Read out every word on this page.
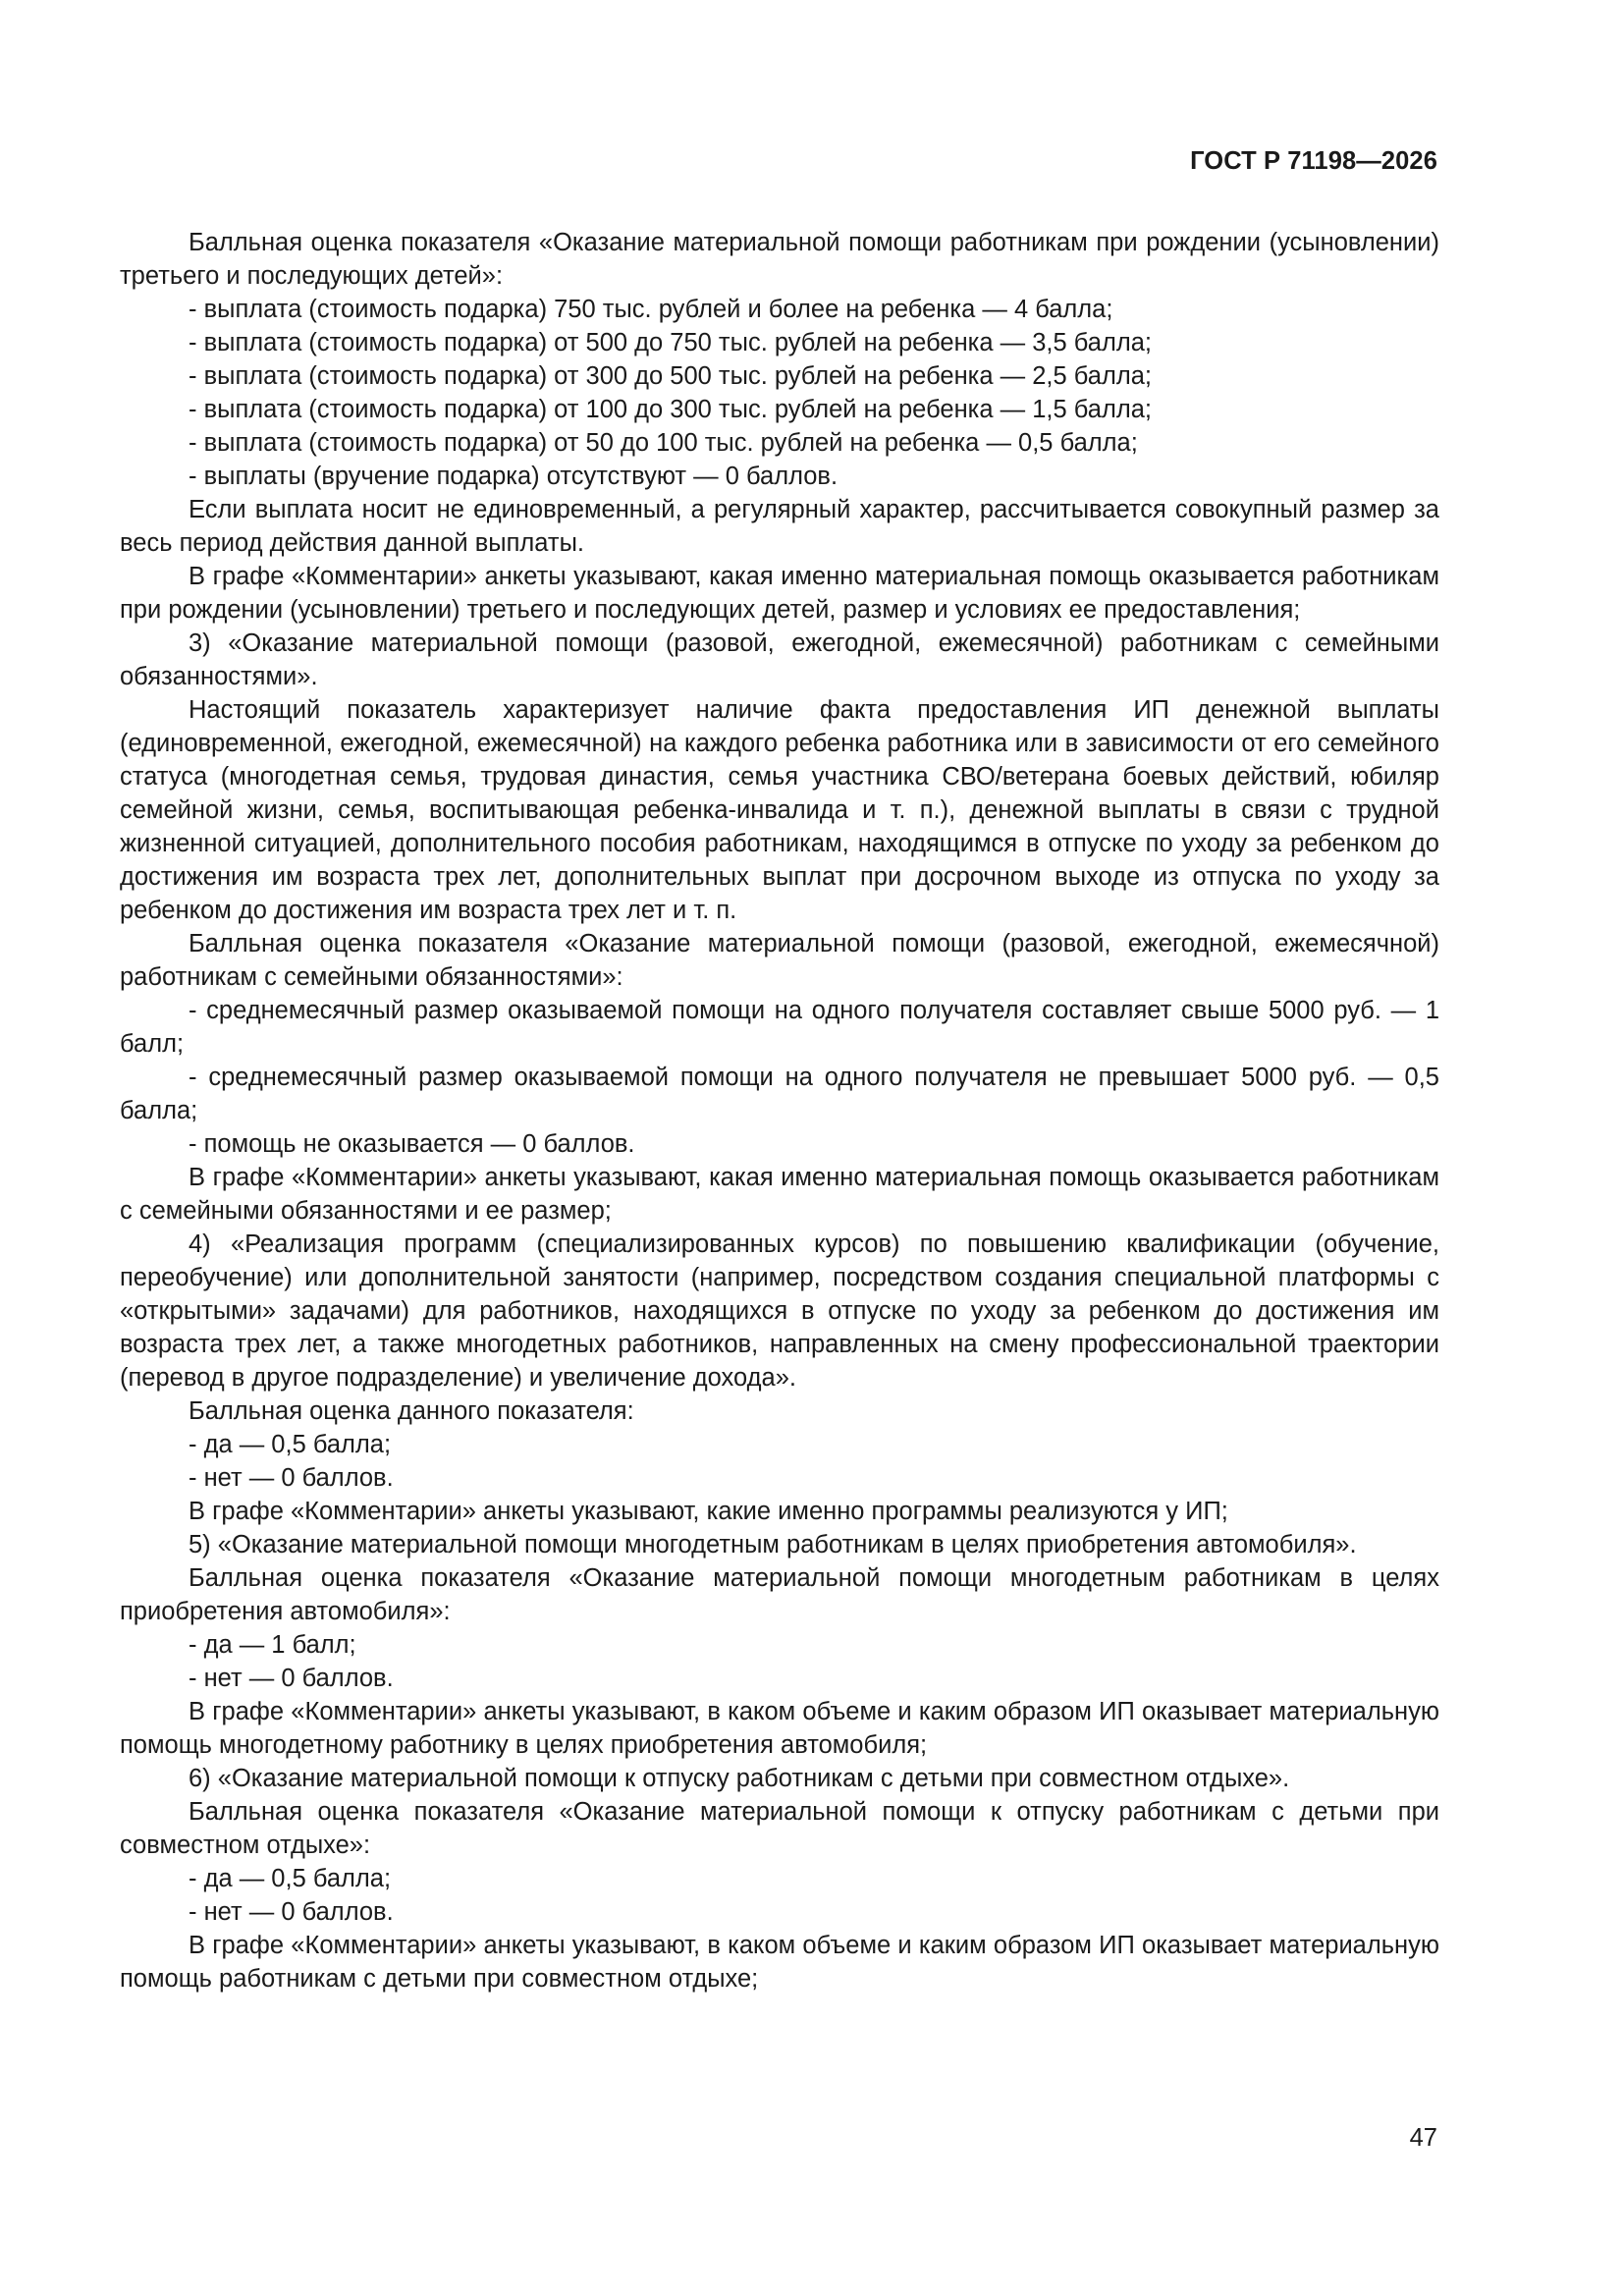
ГОСТ Р 71198—2026

Балльная оценка показателя «Оказание материальной помощи работникам при рождении (усыновлении) третьего и последующих детей»:

- выплата (стоимость подарка) 750 тыс. рублей и более на ребенка — 4 балла;

- выплата (стоимость подарка) от 500 до 750 тыс. рублей на ребенка — 3,5 балла;

- выплата (стоимость подарка) от 300 до 500 тыс. рублей на ребенка — 2,5 балла;

- выплата (стоимость подарка) от 100 до 300 тыс. рублей на ребенка — 1,5 балла;

- выплата (стоимость подарка) от 50 до 100 тыс. рублей на ребенка — 0,5 балла;

- выплаты (вручение подарка) отсутствуют — 0 баллов.

Если выплата носит не единовременный, а регулярный характер, рассчитывается совокупный размер за весь период действия данной выплаты.

В графе «Комментарии» анкеты указывают, какая именно материальная помощь оказывается работникам при рождении (усыновлении) третьего и последующих детей, размер и условиях ее предоставления;

3) «Оказание материальной помощи (разовой, ежегодной, ежемесячной) работникам с семейными обязанностями».

Настоящий показатель характеризует наличие факта предоставления ИП денежной выплаты (единовременной, ежегодной, ежемесячной) на каждого ребенка работника или в зависимости от его семейного статуса (многодетная семья, трудовая династия, семья участника СВО/ветерана боевых действий, юбиляр семейной жизни, семья, воспитывающая ребенка-инвалида и т. п.), денежной выплаты в связи с трудной жизненной ситуацией, дополнительного пособия работникам, находящимся в отпуске по уходу за ребенком до достижения им возраста трех лет, дополнительных выплат при досрочном выходе из отпуска по уходу за ребенком до достижения им возраста трех лет и т. п.

Балльная оценка показателя «Оказание материальной помощи (разовой, ежегодной, ежемесячной) работникам с семейными обязанностями»:

- среднемесячный размер оказываемой помощи на одного получателя составляет свыше 5000 руб. — 1 балл;

- среднемесячный размер оказываемой помощи на одного получателя не превышает 5000 руб. — 0,5 балла;

- помощь не оказывается — 0 баллов.

В графе «Комментарии» анкеты указывают, какая именно материальная помощь оказывается работникам с семейными обязанностями и ее размер;

4) «Реализация программ (специализированных курсов) по повышению квалификации (обучение, переобучение) или дополнительной занятости (например, посредством создания специальной платформы с «открытыми» задачами) для работников, находящихся в отпуске по уходу за ребенком до достижения им возраста трех лет, а также многодетных работников, направленных на смену профессиональной траектории (перевод в другое подразделение) и увеличение дохода».

Балльная оценка данного показателя:

- да — 0,5 балла;

- нет — 0 баллов.

В графе «Комментарии» анкеты указывают, какие именно программы реализуются у ИП;

5) «Оказание материальной помощи многодетным работникам в целях приобретения автомобиля».

Балльная оценка показателя «Оказание материальной помощи многодетным работникам в целях приобретения автомобиля»:

- да — 1 балл;

- нет — 0 баллов.

В графе «Комментарии» анкеты указывают, в каком объеме и каким образом ИП оказывает материальную помощь многодетному работнику в целях приобретения автомобиля;

6) «Оказание материальной помощи к отпуску работникам с детьми при совместном отдыхе».

Балльная оценка показателя «Оказание материальной помощи к отпуску работникам с детьми при совместном отдыхе»:

- да — 0,5 балла;

- нет — 0 баллов.

В графе «Комментарии» анкеты указывают, в каком объеме и каким образом ИП оказывает материальную помощь работникам с детьми при совместном отдыхе;

47
